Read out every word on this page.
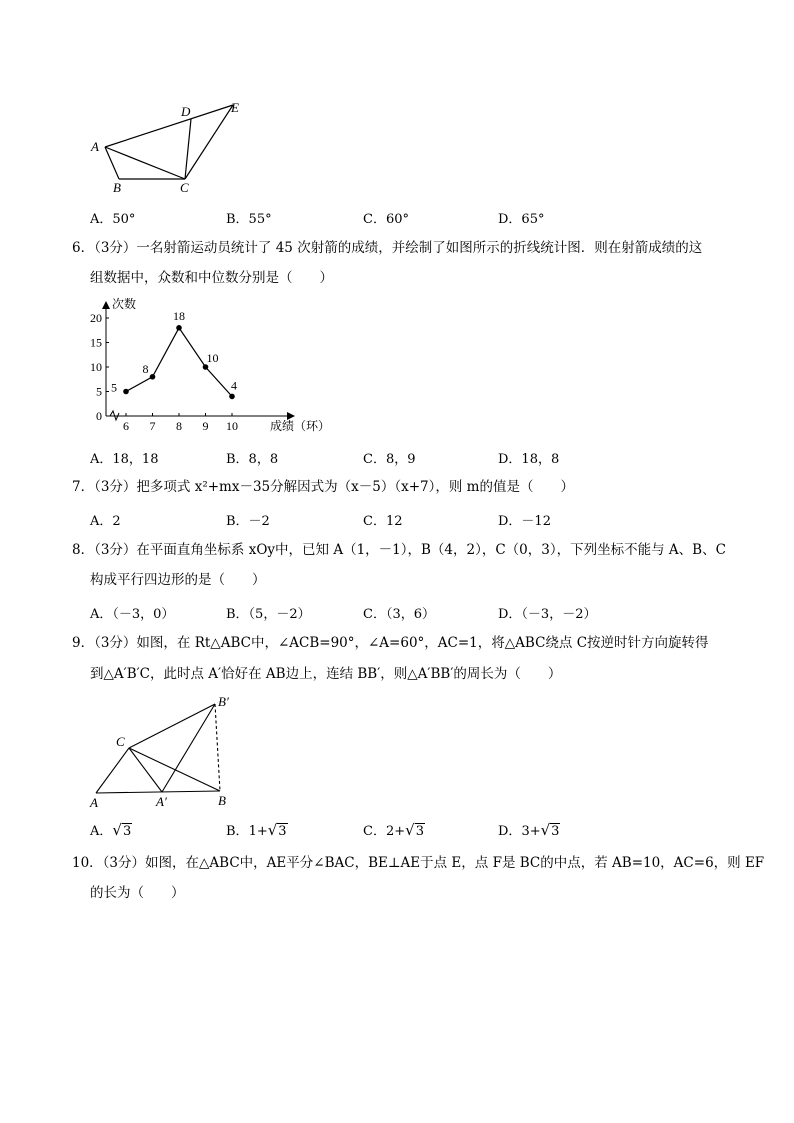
A
B	C
D	E
A．50°	B．55°	C．60°	D．65°
6．（3分）一名射箭运动员统计了 45 次射箭的成绩，并绘制了如图所示的折线统计图．则在射箭成绩的这
组数据中，众数和中位数分别是（　　）
次数
成绩（环）
0
5
10
15
20
6 7 8 9 10
5
8
18
10
4
A．18，18	B．8，8	C．8，9	D．18，8
7．（3分）把多项式 x²+mx－35分解因式为（x－5）（x+7），则 m的值是（　　）
A．2	B．－2	C．12	D．－12
8．（3分）在平面直角坐标系 xOy中，已知 A（1，－1），B（4，2），C（0，3），下列坐标不能与 A、B、C
构成平行四边形的是（　　）
A．（－3，0）	B．（5，－2）	C．（3，6）	D．（－3，－2）
9．（3分）如图，在 Rt△ABC中，∠ACB=90°，∠A=60°，AC=1，将△ABC绕点 C按逆时针方向旋转得
到△A′B′C，此时点 A′恰好在 AB边上，连结 BB′，则△A′BB′的周长为（　　）
A	B
C
A′
B′
A．√3	B．1+√3	C．2+√3	D．3+√3
10．（3分）如图，在△ABC中，AE平分∠BAC，BE⊥AE于点 E，点 F是 BC的中点，若 AB=10，AC=6，则 EF
的长为（　　）
